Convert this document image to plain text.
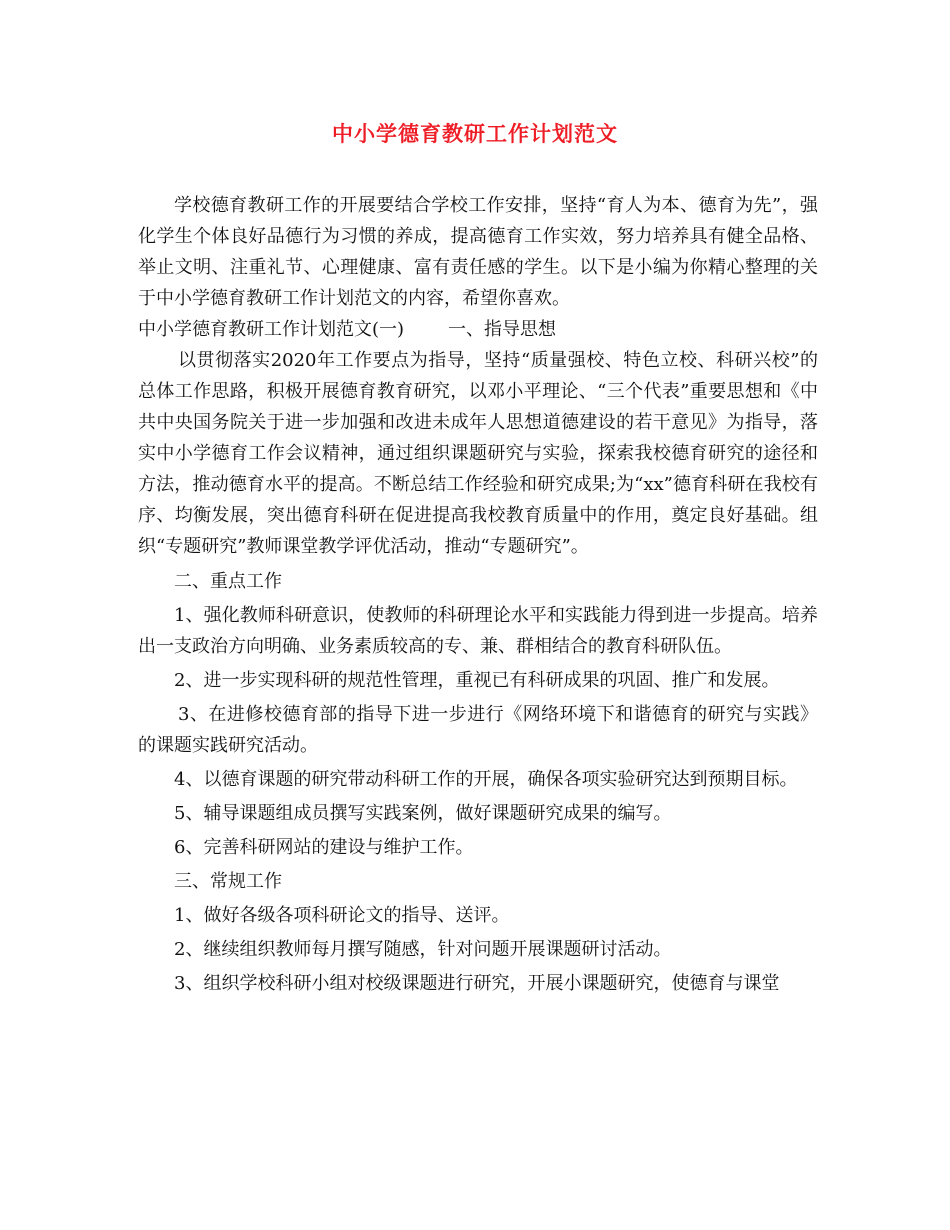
中小学德育教研工作计划范文

学校德育教研工作的开展要结合学校工作安排，坚持“育人为本、德育为先”，强化学生个体良好品德行为习惯的养成，提高德育工作实效，努力培养具有健全品格、举止文明、注重礼节、心理健康、富有责任感的学生。以下是小编为你精心整理的关于中小学德育教研工作计划范文的内容，希望你喜欢。

中小学德育教研工作计划范文(一) 一、指导思想

以贯彻落实2020年工作要点为指导，坚持“质量强校、特色立校、科研兴校”的总体工作思路，积极开展德育教育研究，以邓小平理论、“三个代表”重要思想和《中共中央国务院关于进一步加强和改进未成年人思想道德建设的若干意见》为指导，落实中小学德育工作会议精神，通过组织课题研究与实验，探索我校德育研究的途径和方法，推动德育水平的提高。不断总结工作经验和研究成果;为“xx”德育科研在我校有序、均衡发展，突出德育科研在促进提高我校教育质量中的作用，奠定良好基础。组织“专题研究”教师课堂教学评优活动，推动“专题研究”。

二、重点工作

1、强化教师科研意识，使教师的科研理论水平和实践能力得到进一步提高。培养出一支政治方向明确、业务素质较高的专、兼、群相结合的教育科研队伍。

2、进一步实现科研的规范性管理，重视已有科研成果的巩固、推广和发展。

3、在进修校德育部的指导下进一步进行《网络环境下和谐德育的研究与实践》的课题实践研究活动。

4、以德育课题的研究带动科研工作的开展，确保各项实验研究达到预期目标。

5、辅导课题组成员撰写实践案例，做好课题研究成果的编写。

6、完善科研网站的建设与维护工作。

三、常规工作

1、做好各级各项科研论文的指导、送评。

2、继续组织教师每月撰写随感，针对问题开展课题研讨活动。

3、组织学校科研小组对校级课题进行研究，开展小课题研究，使德育与课堂
